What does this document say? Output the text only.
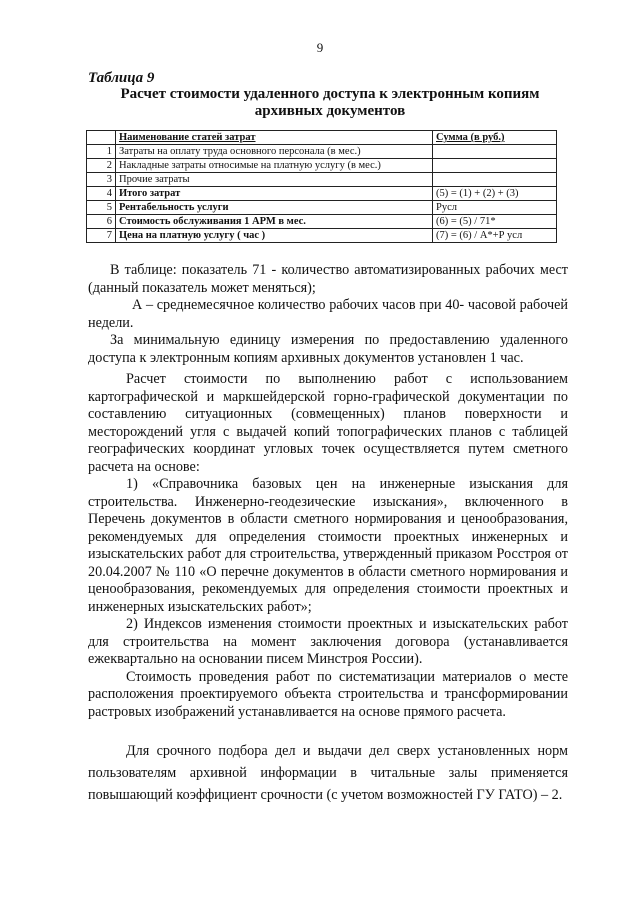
9
Таблица 9
Расчет стоимости удаленного доступа к электронным копиям архивных документов
	Наименование статей затрат	Сумма (в руб.)
1	Затраты на оплату труда основного персонала (в мес.)	
2	Накладные затраты относимые на платную услугу (в мес.)	
3	Прочие затраты	
4	Итого затрат	(5) = (1) + (2) + (3)
5	Рентабельность услуги	Русл
6	Стоимость обслуживания 1 АРМ в мес.	(6) = (5) / 71*
7	Цена на платную услугу ( час )	(7) = (6) / А*+Р усл

В таблице: показатель 71 - количество автоматизированных рабочих мест (данный показатель может меняться);

А – среднемесячное количество рабочих часов при 40- часовой рабочей недели.

За минимальную единицу измерения по предоставлению удаленного доступа к электронным копиям архивных документов установлен 1 час.

Расчет стоимости по выполнению работ с использованием картографической и маркшейдерской горно-графической документации по составлению ситуационных (совмещенных) планов поверхности и месторождений угля с выдачей копий топографических планов с таблицей географических координат угловых точек осуществляется путем сметного расчета на основе:

1) «Справочника базовых цен на инженерные изыскания для строительства. Инженерно-геодезические изыскания», включенного в Перечень документов в области сметного нормирования и ценообразования, рекомендуемых для определения стоимости проектных инженерных и изыскательских работ для строительства, утвержденный приказом Росстроя от 20.04.2007 № 110 «О перечне документов в области сметного нормирования и ценообразования, рекомендуемых для определения стоимости проектных и инженерных изыскательских работ»;

2) Индексов изменения стоимости проектных и изыскательских работ для строительства на момент заключения договора (устанавливается ежеквартально на основании писем Минстроя России).

Стоимость проведения работ по систематизации материалов о месте расположения проектируемого объекта строительства и трансформировании растровых изображений устанавливается на основе прямого расчета.

Для срочного подбора дел и выдачи дел сверх установленных норм пользователям архивной информации в читальные залы применяется повышающий коэффициент срочности (с учетом возможностей ГУ ГАТО) – 2.
